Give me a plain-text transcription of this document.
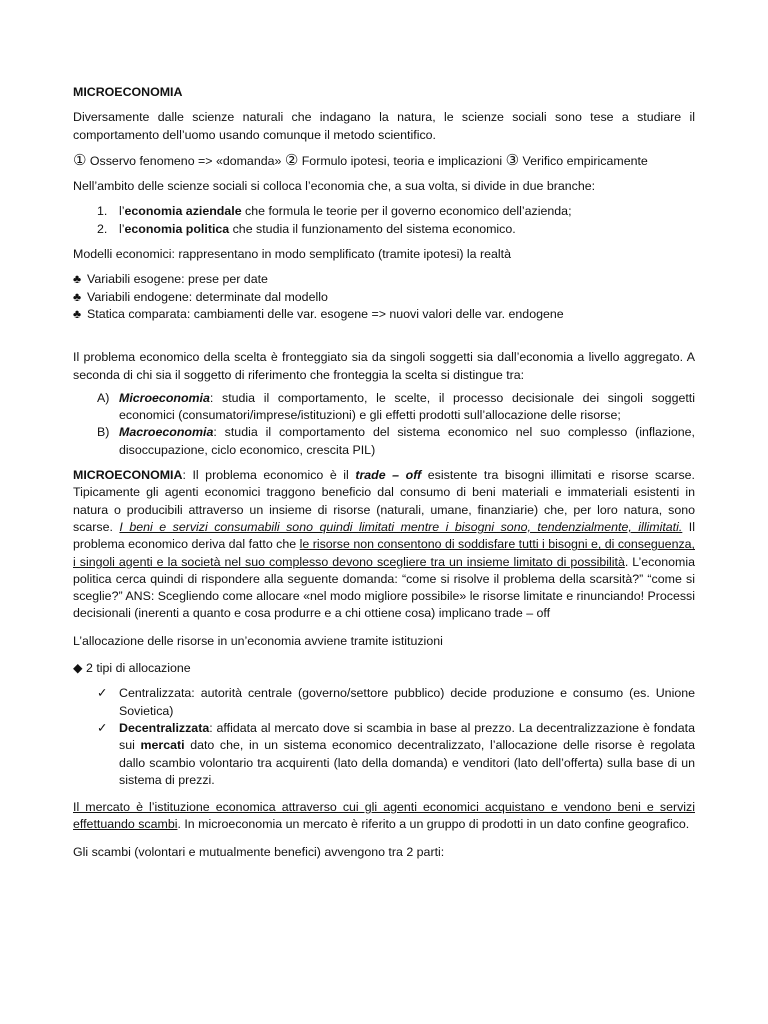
MICROECONOMIA

Diversamente dalle scienze naturali che indagano la natura, le scienze sociali sono tese a studiare il comportamento dell’uomo usando comunque il metodo scientifico.

① Osservo fenomeno => «domanda» ② Formulo ipotesi, teoria e implicazioni ③ Verifico empiricamente

Nell’ambito delle scienze sociali si colloca l’economia che, a sua volta, si divide in due branche:

1. l’economia aziendale che formula le teorie per il governo economico dell’azienda;
2. l’economia politica che studia il funzionamento del sistema economico.

Modelli economici: rappresentano in modo semplificato (tramite ipotesi) la realtà

♣ Variabili esogene: prese per date
♣ Variabili endogene: determinate dal modello
♣ Statica comparata: cambiamenti delle var. esogene => nuovi valori delle var. endogene

Il problema economico della scelta è fronteggiato sia da singoli soggetti sia dall’economia a livello aggregato. A seconda di chi sia il soggetto di riferimento che fronteggia la scelta si distingue tra:

A) Microeconomia: studia il comportamento, le scelte, il processo decisionale dei singoli soggetti economici (consumatori/imprese/istituzioni) e gli effetti prodotti sull’allocazione delle risorse;
B) Macroeconomia: studia il comportamento del sistema economico nel suo complesso (inflazione, disoccupazione, ciclo economico, crescita PIL)

MICROECONOMIA: Il problema economico è il trade – off esistente tra bisogni illimitati e risorse scarse. Tipicamente gli agenti economici traggono beneficio dal consumo di beni materiali e immateriali esistenti in natura o producibili attraverso un insieme di risorse (naturali, umane, finanziarie) che, per loro natura, sono scarse. I beni e servizi consumabili sono quindi limitati mentre i bisogni sono, tendenzialmente, illimitati. Il problema economico deriva dal fatto che le risorse non consentono di soddisfare tutti i bisogni e, di conseguenza, i singoli agenti e la società nel suo complesso devono scegliere tra un insieme limitato di possibilità. L’economia politica cerca quindi di rispondere alla seguente domanda: “come si risolve il problema della scarsità?” “come si sceglie?” ANS: Scegliendo come allocare «nel modo migliore possibile» le risorse limitate e rinunciando! Processi decisionali (inerenti a quanto e cosa produrre e a chi ottiene cosa) implicano trade – off

L’allocazione delle risorse in un’economia avviene tramite istituzioni

◆ 2 tipi di allocazione

✓ Centralizzata: autorità centrale (governo/settore pubblico) decide produzione e consumo (es. Unione Sovietica)
✓ Decentralizzata: affidata al mercato dove si scambia in base al prezzo. La decentralizzazione è fondata sui mercati dato che, in un sistema economico decentralizzato, l’allocazione delle risorse è regolata dallo scambio volontario tra acquirenti (lato della domanda) e venditori (lato dell’offerta) sulla base di un sistema di prezzi.

Il mercato è l’istituzione economica attraverso cui gli agenti economici acquistano e vendono beni e servizi effettuando scambi. In microeconomia un mercato è riferito a un gruppo di prodotti in un dato confine geografico.

Gli scambi (volontari e mutualmente benefici) avvengono tra 2 parti:
